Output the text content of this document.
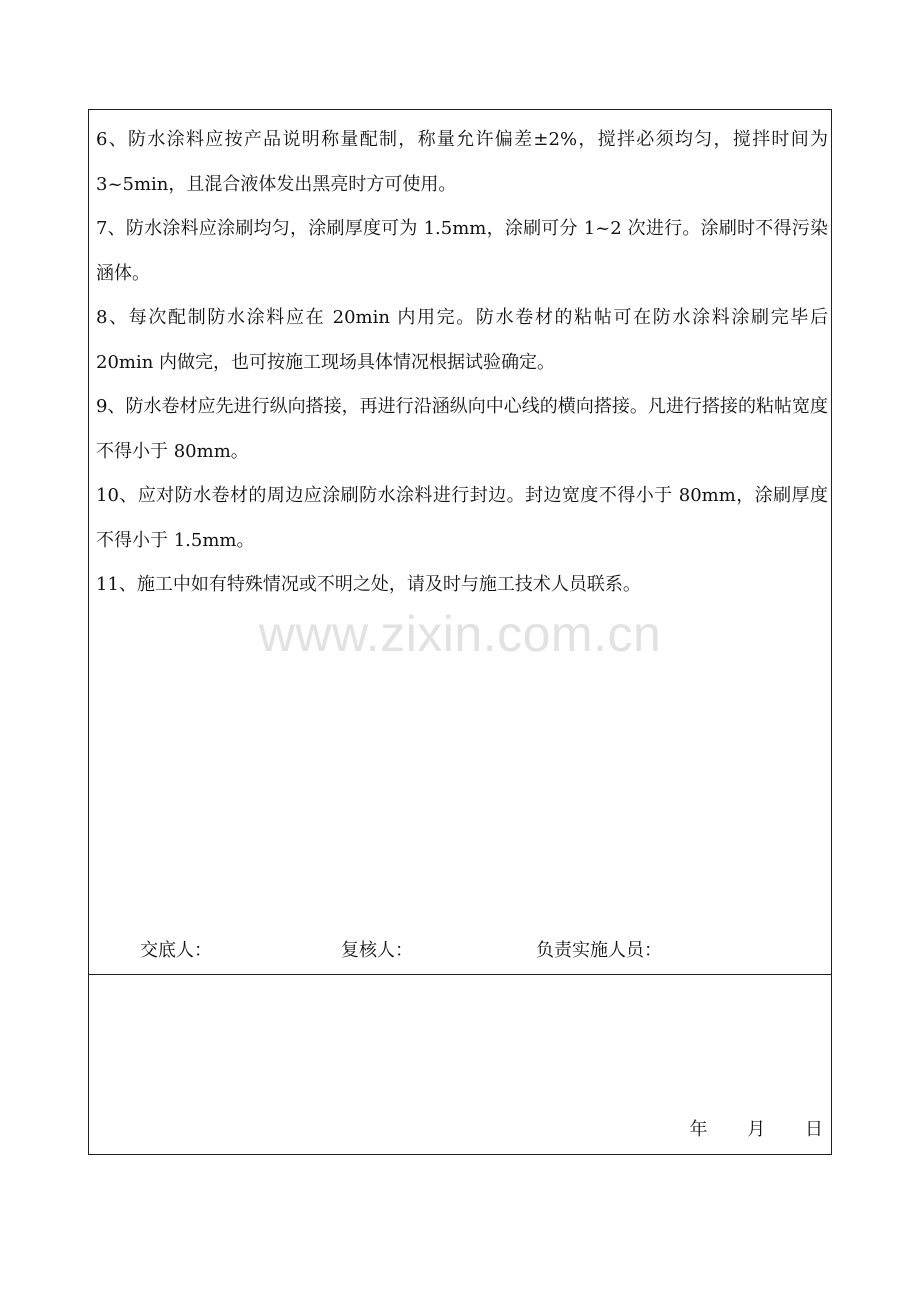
6、防水涂料应按产品说明称量配制，称量允许偏差±2%，搅拌必须均匀，搅拌时间为 3~5min，且混合液体发出黑亮时方可使用。
7、防水涂料应涂刷均匀，涂刷厚度可为 1.5mm，涂刷可分 1~2 次进行。涂刷时不得污染涵体。
8、每次配制防水涂料应在 20min 内用完。防水卷材的粘帖可在防水涂料涂刷完毕后 20min 内做完，也可按施工现场具体情况根据试验确定。
9、防水卷材应先进行纵向搭接，再进行沿涵纵向中心线的横向搭接。凡进行搭接的粘帖宽度不得小于 80mm。
10、应对防水卷材的周边应涂刷防水涂料进行封边。封边宽度不得小于 80mm，涂刷厚度不得小于 1.5mm。
11、施工中如有特殊情况或不明之处，请及时与施工技术人员联系。
交底人：	复核人：	负责实施人员：
年 月 日
www.zixin.com.cn
